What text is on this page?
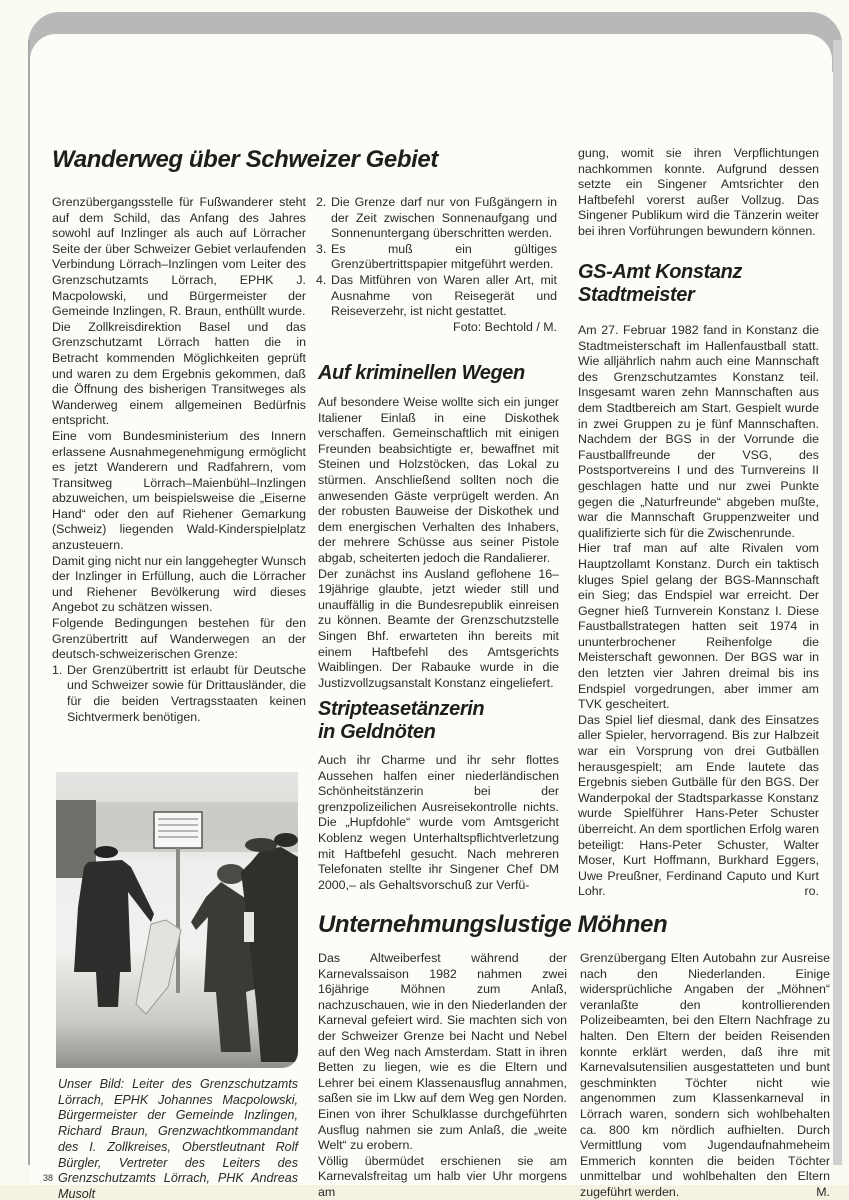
Wanderweg über Schweizer Gebiet

Grenzübergangsstelle für Fußwanderer steht auf dem Schild, das Anfang des Jahres sowohl auf Inzlinger als auch auf Lörracher Seite der über Schweizer Gebiet verlaufenden Verbindung Lörrach–Inzlingen vom Leiter des Grenzschutzamts Lörrach, EPHK J. Macpolowski, und Bürgermeister der Gemeinde Inzlingen, R. Braun, enthüllt wurde.

Die Zollkreisdirektion Basel und das Grenzschutzamt Lörrach hatten die in Betracht kommenden Möglichkeiten geprüft und waren zu dem Ergebnis gekommen, daß die Öffnung des bisherigen Transitweges als Wanderweg einem allgemeinen Bedürfnis entspricht.

Eine vom Bundesministerium des Innern erlassene Ausnahmegenehmigung ermöglicht es jetzt Wanderern und Radfahrern, vom Transitweg Lörrach–Maienbühl–Inzlingen abzuweichen, um beispielsweise die „Eiserne Hand“ oder den auf Riehener Gemarkung (Schweiz) liegenden Wald-Kinderspielplatz anzusteuern.

Damit ging nicht nur ein langgehegter Wunsch der Inzlinger in Erfüllung, auch die Lörracher und Riehener Bevölkerung wird dieses Angebot zu schätzen wissen.

Folgende Bedingungen bestehen für den Grenzübertritt auf Wanderwegen an der deutsch-schweizerischen Grenze:

1. Der Grenzübertritt ist erlaubt für Deutsche und Schweizer sowie für Drittausländer, die für die beiden Vertragsstaaten keinen Sichtvermerk benötigen.

Unser Bild: Leiter des Grenzschutzamts Lörrach, EPHK Johannes Macpolowski, Bürgermeister der Gemeinde Inzlingen, Richard Braun, Grenzwachtkommandant des I. Zollkreises, Oberstleutnant Rolf Bürgler, Vertreter des Leiters des Grenzschutzamts Lörrach, PHK Andreas Musolt

38
2. Die Grenze darf nur von Fußgängern in der Zeit zwischen Sonnenaufgang und Sonnenuntergang überschritten werden.
3. Es muß ein gültiges Grenzübertrittspapier mitgeführt werden.
4. Das Mitführen von Waren aller Art, mit Ausnahme von Reisegerät und Reiseverzehr, ist nicht gestattet.
Foto: Bechtold / M.
Auf kriminellen Wegen

Auf besondere Weise wollte sich ein junger Italiener Einlaß in eine Diskothek verschaffen. Gemeinschaftlich mit einigen Freunden beabsichtigte er, bewaffnet mit Steinen und Holzstöcken, das Lokal zu stürmen. Anschließend sollten noch die anwesenden Gäste verprügelt werden. An der robusten Bauweise der Diskothek und dem energischen Verhalten des Inhabers, der mehrere Schüsse aus seiner Pistole abgab, scheiterten jedoch die Randalierer.

Der zunächst ins Ausland geflohene 16–19jährige glaubte, jetzt wieder still und unauffällig in die Bundesrepublik einreisen zu können. Beamte der Grenzschutzstelle Singen Bhf. erwarteten ihn bereits mit einem Haftbefehl des Amtsgerichts Waiblingen. Der Rabauke wurde in die Justizvollzugsanstalt Konstanz eingeliefert.

Stripteasetänzerin
in Geldnöten

Auch ihr Charme und ihr sehr flottes Aussehen halfen einer niederländischen Schönheitstänzerin bei der grenzpolizeilichen Ausreisekontrolle nichts. Die „Hupfdohle“ wurde vom Amtsgericht Koblenz wegen Unterhaltspflichtverletzung mit Haftbefehl gesucht. Nach mehreren Telefonaten stellte ihr Singener Chef DM 2000,– als Gehaltsvorschuß zur Verfü-

gung, womit sie ihren Verpflichtungen nachkommen konnte. Aufgrund dessen setzte ein Singener Amtsrichter den Haftbefehl vorerst außer Vollzug. Das Singener Publikum wird die Tänzerin weiter bei ihren Vorführungen bewundern können.

GS-Amt Konstanz
Stadtmeister

Am 27. Februar 1982 fand in Konstanz die Stadtmeisterschaft im Hallenfaustball statt. Wie alljährlich nahm auch eine Mannschaft des Grenzschutzamtes Konstanz teil. Insgesamt waren zehn Mannschaften aus dem Stadtbereich am Start. Gespielt wurde in zwei Gruppen zu je fünf Mannschaften. Nachdem der BGS in der Vorrunde die Faustballfreunde der VSG, des Postsportvereins I und des Turnvereins II geschlagen hatte und nur zwei Punkte gegen die „Naturfreunde“ abgeben mußte, war die Mannschaft Gruppenzweiter und qualifizierte sich für die Zwischenrunde.

Hier traf man auf alte Rivalen vom Hauptzollamt Konstanz. Durch ein taktisch kluges Spiel gelang der BGS-Mannschaft ein Sieg; das Endspiel war erreicht. Der Gegner hieß Turnverein Konstanz I. Diese Faustballstrategen hatten seit 1974 in ununterbrochener Reihenfolge die Meisterschaft gewonnen. Der BGS war in den letzten vier Jahren dreimal bis ins Endspiel vorgedrungen, aber immer am TVK gescheitert.

Das Spiel lief diesmal, dank des Einsatzes aller Spieler, hervorragend. Bis zur Halbzeit war ein Vorsprung von drei Gutbällen herausgespielt; am Ende lautete das Ergebnis sieben Gutbälle für den BGS. Der Wanderpokal der Stadtsparkasse Konstanz wurde Spielführer Hans-Peter Schuster überreicht. An dem sportlichen Erfolg waren beteiligt: Hans-Peter Schuster, Walter Moser, Kurt Hoffmann, Burkhard Eggers, Uwe Preußner, Ferdinand Caputo und Kurt Lohr.	ro.
Unternehmungslustige Möhnen

Das Altweiberfest während der Karnevalssaison 1982 nahmen zwei 16jährige Möhnen zum Anlaß, nachzuschauen, wie in den Niederlanden der Karneval gefeiert wird. Sie machten sich von der Schweizer Grenze bei Nacht und Nebel auf den Weg nach Amsterdam. Statt in ihren Betten zu liegen, wie es die Eltern und Lehrer bei einem Klassenausflug annahmen, saßen sie im Lkw auf dem Weg gen Norden. Einen von ihrer Schulklasse durchgeführten Ausflug nahmen sie zum Anlaß, die „weite Welt“ zu erobern.

Völlig übermüdet erschienen sie am Karnevalsfreitag um halb vier Uhr morgens am

Grenzübergang Elten Autobahn zur Ausreise nach den Niederlanden. Einige widersprüchliche Angaben der „Möhnen“ veranlaßte den kontrollierenden Polizeibeamten, bei den Eltern Nachfrage zu halten. Den Eltern der beiden Reisenden konnte erklärt werden, daß ihre mit Karnevalsutensilien ausgestatteten und bunt geschminkten Töchter nicht wie angenommen zum Klassenkarneval in Lörrach waren, sondern sich wohlbehalten ca. 800 km nördlich aufhielten. Durch Vermittlung vom Jugendaufnahmeheim Emmerich konnten die beiden Töchter unmittelbar und wohlbehalten den Eltern zugeführt werden.	M.
